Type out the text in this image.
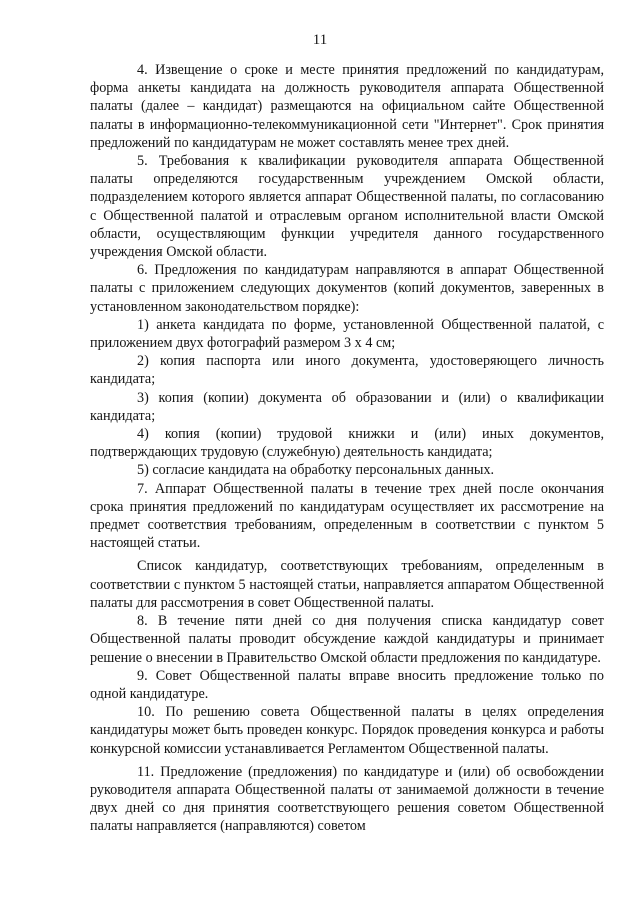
11

4. Извещение о сроке и месте принятия предложений по кандидатурам, форма анкеты кандидата на должность руководителя аппарата Общественной палаты (далее – кандидат) размещаются на официальном сайте Общественной палаты в информационно-телекоммуникационной сети "Интернет". Срок принятия предложений по кандидатурам не может составлять менее трех дней.

5. Требования к квалификации руководителя аппарата Общественной палаты определяются государственным учреждением Омской области, подразделением которого является аппарат Общественной палаты, по согласованию с Общественной палатой и отраслевым органом исполнительной власти Омской области, осуществляющим функции учредителя данного государственного учреждения Омской области.

6. Предложения по кандидатурам направляются в аппарат Общественной палаты с приложением следующих документов (копий документов, заверенных в установленном законодательством порядке):

1) анкета кандидата по форме, установленной Общественной палатой, с приложением двух фотографий размером 3 х 4 см;

2) копия паспорта или иного документа, удостоверяющего личность кандидата;

3) копия (копии) документа об образовании и (или) о квалификации кандидата;

4) копия (копии) трудовой книжки и (или) иных документов, подтверждающих трудовую (служебную) деятельность кандидата;

5) согласие кандидата на обработку персональных данных.

7. Аппарат Общественной палаты в течение трех дней после окончания срока принятия предложений по кандидатурам осуществляет их рассмотрение на предмет соответствия требованиям, определенным в соответствии с пунктом 5 настоящей статьи.

Список кандидатур, соответствующих требованиям, определенным в соответствии с пунктом 5 настоящей статьи, направляется аппаратом Общественной палаты для рассмотрения в совет Общественной палаты.

8. В течение пяти дней со дня получения списка кандидатур совет Общественной палаты проводит обсуждение каждой кандидатуры и принимает решение о внесении в Правительство Омской области предложения по кандидатуре.

9. Совет Общественной палаты вправе вносить предложение только по одной кандидатуре.

10. По решению совета Общественной палаты в целях определения кандидатуры может быть проведен конкурс. Порядок проведения конкурса и работы конкурсной комиссии устанавливается Регламентом Общественной палаты.

11. Предложение (предложения) по кандидатуре и (или) об освобождении руководителя аппарата Общественной палаты от занимаемой должности в течение двух дней со дня принятия соответствующего решения советом Общественной палаты направляется (направляются) советом
